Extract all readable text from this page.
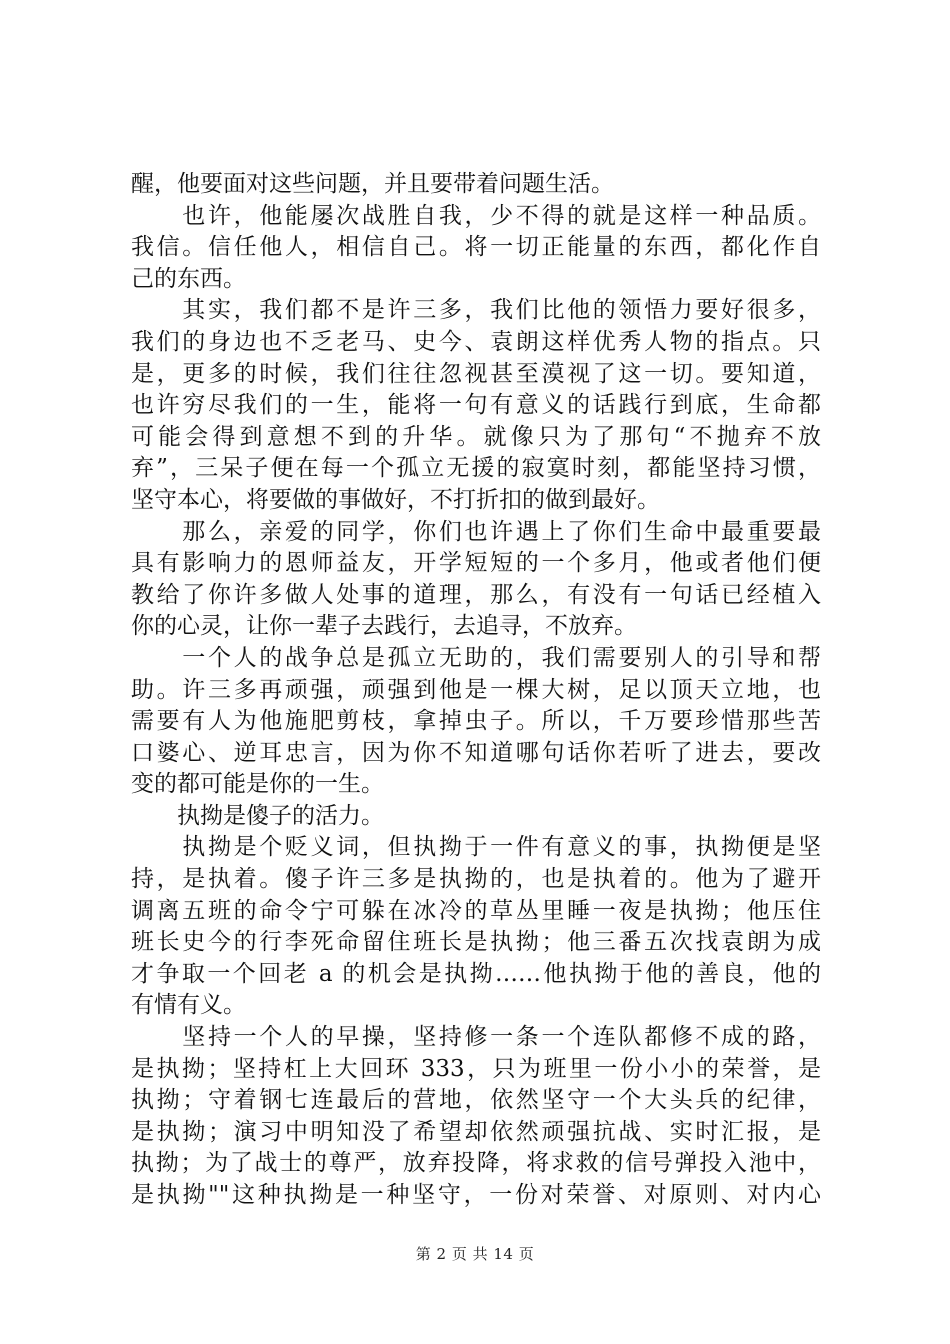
醒，他要面对这些问题，并且要带着问题生活。
　　也许，他能屡次战胜自我，少不得的就是这样一种品质。
我信。信任他人，相信自己。将一切正能量的东西，都化作自
己的东西。
　　其实，我们都不是许三多，我们比他的领悟力要好很多，
我们的身边也不乏老马、史今、袁朗这样优秀人物的指点。只
是，更多的时候，我们往往忽视甚至漠视了这一切。要知道，
也许穷尽我们的一生，能将一句有意义的话践行到底，生命都
可能会得到意想不到的升华。就像只为了那句“不抛弃不放
弃”，三呆子便在每一个孤立无援的寂寞时刻，都能坚持习惯，
坚守本心，将要做的事做好，不打折扣的做到最好。
　　那么，亲爱的同学，你们也许遇上了你们生命中最重要最
具有影响力的恩师益友，开学短短的一个多月，他或者他们便
教给了你许多做人处事的道理，那么，有没有一句话已经植入
你的心灵，让你一辈子去践行，去追寻，不放弃。
　　一个人的战争总是孤立无助的，我们需要别人的引导和帮
助。许三多再顽强，顽强到他是一棵大树，足以顶天立地，也
需要有人为他施肥剪枝，拿掉虫子。所以，千万要珍惜那些苦
口婆心、逆耳忠言，因为你不知道哪句话你若听了进去，要改
变的都可能是你的一生。
　　执拗是傻子的活力。
　　执拗是个贬义词，但执拗于一件有意义的事，执拗便是坚
持，是执着。傻子许三多是执拗的，也是执着的。他为了避开
调离五班的命令宁可躲在冰冷的草丛里睡一夜是执拗；他压住
班长史今的行李死命留住班长是执拗；他三番五次找袁朗为成
才争取一个回老 a 的机会是执拗……他执拗于他的善良，他的
有情有义。
　　坚持一个人的早操，坚持修一条一个连队都修不成的路，
是执拗；坚持杠上大回环 333，只为班里一份小小的荣誉，是
执拗；守着钢七连最后的营地，依然坚守一个大头兵的纪律，
是执拗；演习中明知没了希望却依然顽强抗战、实时汇报，是
执拗；为了战士的尊严，放弃投降，将求救的信号弹投入池中，
是执拗""这种执拗是一种坚守，一份对荣誉、对原则、对内心
第 2 页 共 14 页
